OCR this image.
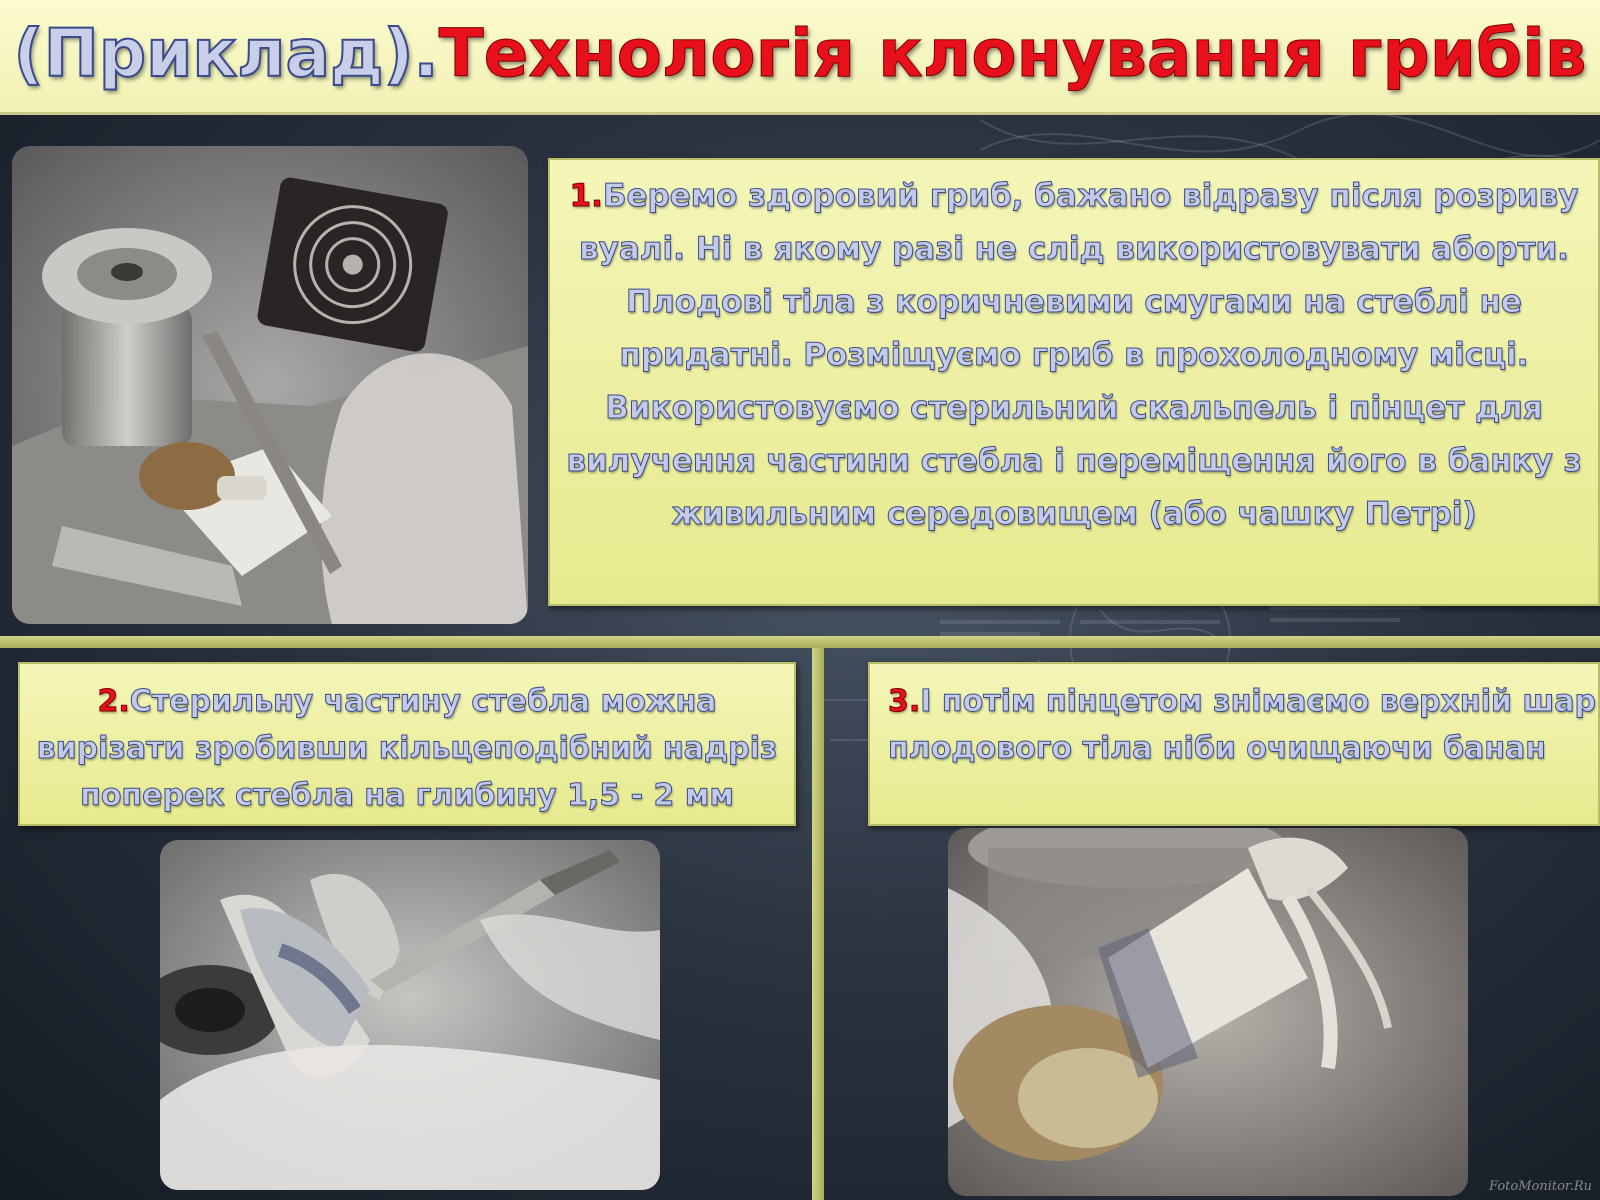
(Приклад).Технологія клонування грибів
1.Беремо здоровий гриб, бажано відразу після розриву вуалі. Ні в якому разі не слід використовувати аборти. Плодові тіла з коричневими смугами на стеблі не придатні. Розміщуємо гриб в прохолодному місці. Використовуємо стерильний скальпель і пінцет для вилучення частини стебла і переміщення його в банку з живильним середовищем (або чашку Петрі)
2.Стерильну частину стебла можна вирізати зробивши кільцеподібний надріз поперек стебла на глибину 1,5 - 2 мм
3.І потім пінцетом знімаємо верхній шар плодового тіла ніби очищаючи банан
FotoMonitor.Ru
